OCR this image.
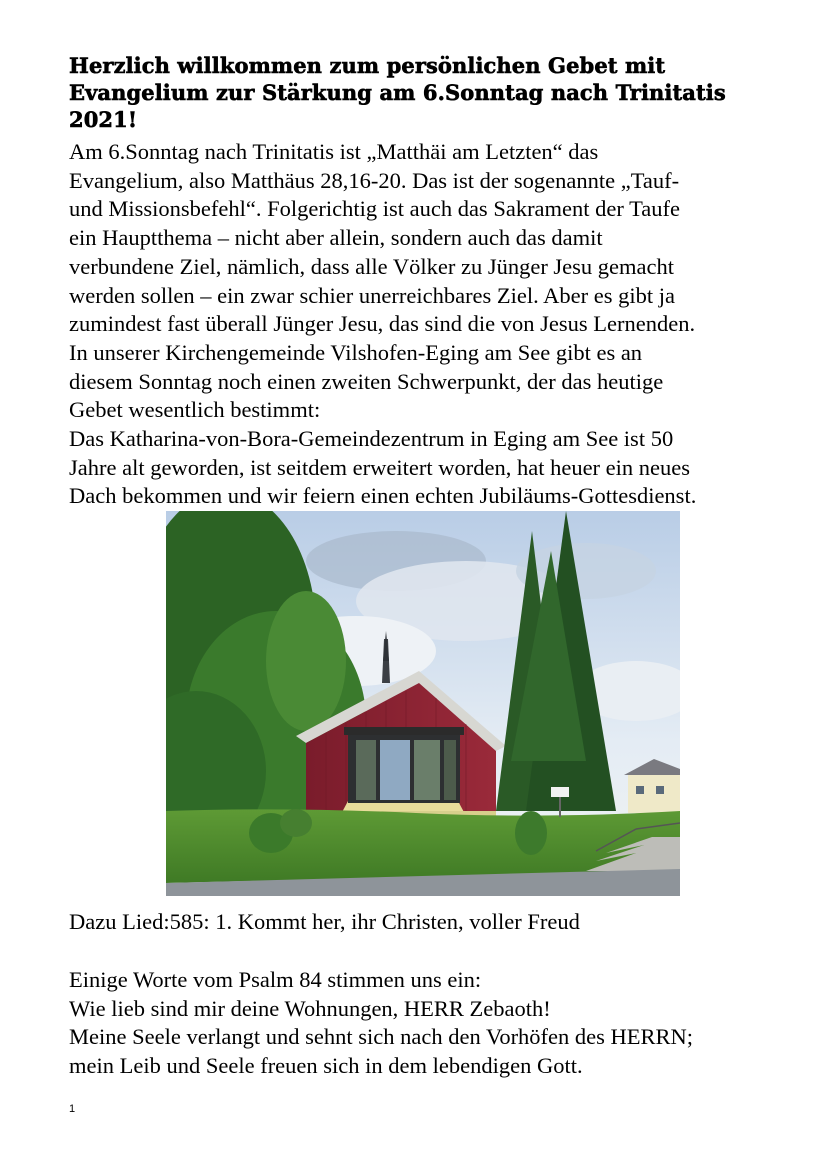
Herzlich willkommen zum persönlichen Gebet mit
Evangelium zur Stärkung am 6.Sonntag nach Trinitatis
2021!

Am 6.Sonntag nach Trinitatis ist „Matthäi am Letzten“ das

Evangelium, also Matthäus 28,16-20. Das ist der sogenannte „Tauf-

und Missionsbefehl“. Folgerichtig ist auch das Sakrament der Taufe

ein Hauptthema – nicht aber allein, sondern auch das damit

verbundene Ziel, nämlich, dass alle Völker zu Jünger Jesu gemacht

werden sollen – ein zwar schier unerreichbares Ziel. Aber es gibt ja

zumindest fast überall Jünger Jesu, das sind die von Jesus Lernenden.

In unserer Kirchengemeinde Vilshofen-Eging am See gibt es an

diesem Sonntag noch einen zweiten Schwerpunkt, der das heutige

Gebet wesentlich bestimmt:

Das Katharina-von-Bora-Gemeindezentrum in Eging am See ist 50

Jahre alt geworden, ist seitdem erweitert worden, hat heuer ein neues

Dach bekommen und wir feiern einen echten Jubiläums-Gottesdienst.

Dazu Lied:585: 1. Kommt her, ihr Christen, voller Freud

Einige Worte vom Psalm 84 stimmen uns ein:

Wie lieb sind mir deine Wohnungen, HERR Zebaoth!

Meine Seele verlangt und sehnt sich nach den Vorhöfen des HERRN;

mein Leib und Seele freuen sich in dem lebendigen Gott.

1
